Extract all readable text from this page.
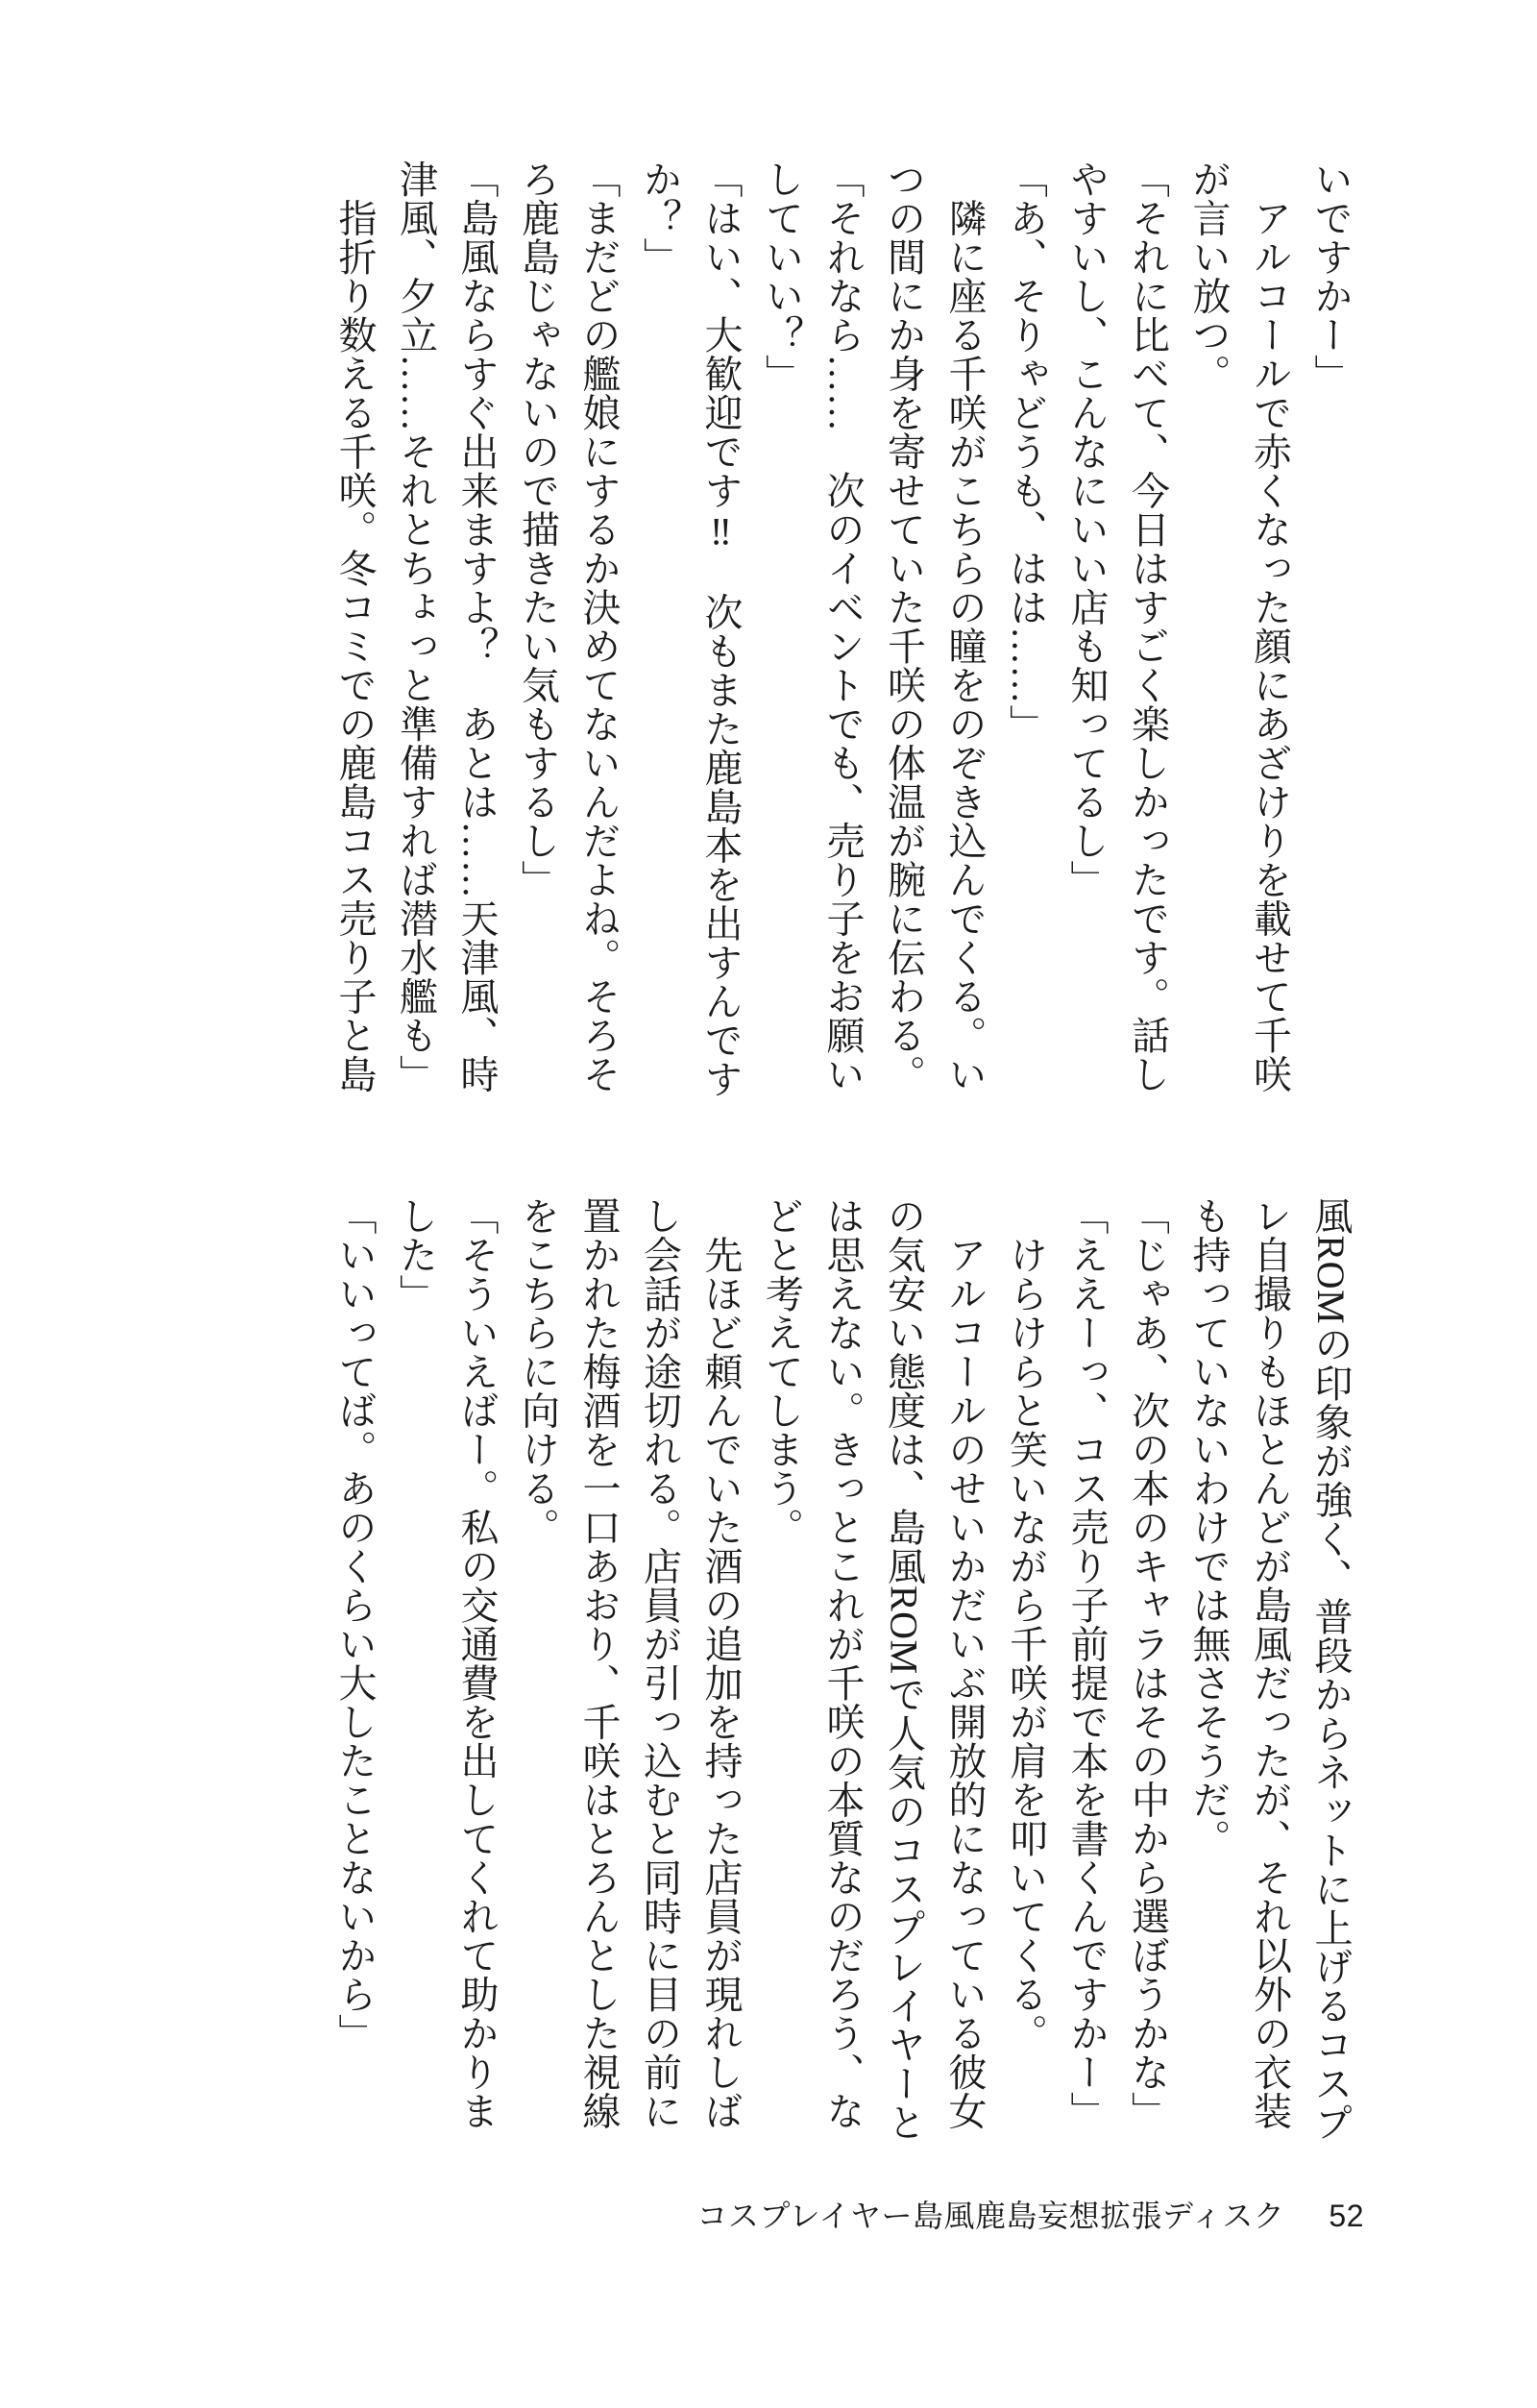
いですかー」

　アルコールで赤くなった顔にあざけりを載せて千咲

が言い放つ。

「それに比べて、今日はすごく楽しかったです。話し

やすいし、こんなにいい店も知ってるし」

「あ、そりゃどうも、はは……」

　隣に座る千咲がこちらの瞳をのぞき込んでくる。い

つの間にか身を寄せていた千咲の体温が腕に伝わる。

「それなら……　次のイベントでも、売り子をお願い

していい？」

「はい、大歓迎です‼　次もまた鹿島本を出すんです

か？」

「まだどの艦娘にするか決めてないんだよね。そろそ

ろ鹿島じゃないので描きたい気もするし」

「島風ならすぐ出来ますよ？　あとは……天津風、時

津風、夕立……それとちょっと準備すれば潜水艦も」

　指折り数える千咲。冬コミでの鹿島コス売り子と島

風ROMの印象が強く、普段からネットに上げるコスプ

レ自撮りもほとんどが島風だったが、それ以外の衣装

も持っていないわけでは無さそうだ。

「じゃあ、次の本のキャラはその中から選ぼうかな」

「ええーっ、コス売り子前提で本を書くんですかー」

　けらけらと笑いながら千咲が肩を叩いてくる。

　アルコールのせいかだいぶ開放的になっている彼女

の気安い態度は、島風ROMで人気のコスプレイヤーと

は思えない。きっとこれが千咲の本質なのだろう、な

どと考えてしまう。

　先ほど頼んでいた酒の追加を持った店員が現れしば

し会話が途切れる。店員が引っ込むと同時に目の前に

置かれた梅酒を一口あおり、千咲はとろんとした視線

をこちらに向ける。

「そういえばー。私の交通費を出してくれて助かりま

した」

「いいってば。あのくらい大したことないから」

コスプレイヤー島風鹿島妄想拡張ディスク 52
